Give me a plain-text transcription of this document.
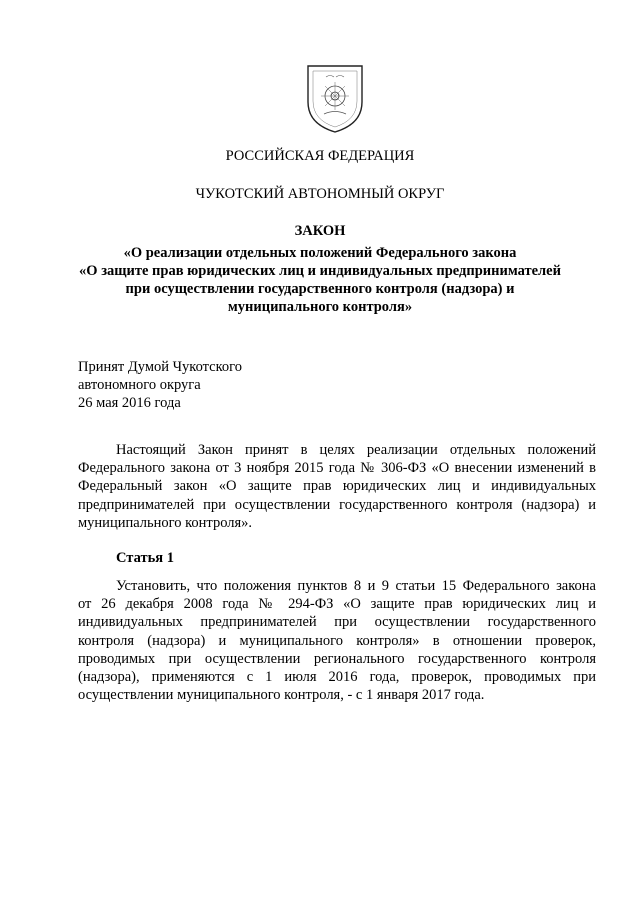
РОССИЙСКАЯ ФЕДЕРАЦИЯ
ЧУКОТСКИЙ АВТОНОМНЫЙ ОКРУГ
ЗАКОН
«О реализации отдельных положений Федерального закона
«О защите прав юридических лиц и индивидуальных предпринимателей
при осуществлении государственного контроля (надзора) и
муниципального контроля»
Принят Думой Чукотского
автономного округа
26 мая 2016 года
Настоящий Закон принят в целях реализации отдельных положений
Федерального закона от 3 ноября 2015 года № 306-ФЗ «О внесении изменений в
Федеральный закон «О защите прав юридических лиц и индивидуальных
предпринимателей при осуществлении государственного контроля (надзора) и
муниципального контроля».
Статья 1
Установить, что положения пунктов 8 и 9 статьи 15 Федерального закона
от 26 декабря 2008 года № 294-ФЗ «О защите прав юридических лиц и
индивидуальных предпринимателей при осуществлении государственного
контроля (надзора) и муниципального контроля» в отношении проверок,
проводимых при осуществлении регионального государственного контроля
(надзора), применяются с 1 июля 2016 года, проверок, проводимых при
осуществлении муниципального контроля, - с 1 января 2017 года.
